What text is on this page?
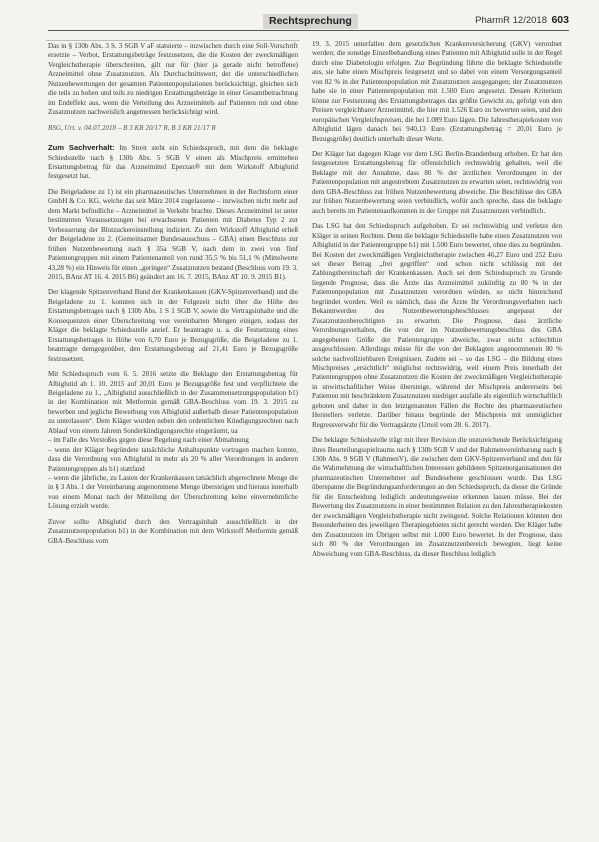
Rechtsprechung	PharmR 12/2018 603

Das in § 130b Abs. 3 S. 3 SGB V aF statuierte – inzwischen durch eine Soll-Vorschrift ersetzte – Verbot, Erstattungsbeträge festzusetzen, die die Kosten der zweckmäßigen Vergleichstherapie überschreiten, gilt nur für (hier ja gerade nicht betroffene) Arzneimittel ohne Zusatznutzen. Als Durchschnittswert, der die unterschiedlichen Nutzenbewertungen der gesamten Patientenpopulationen berücksichtigt, gleichen sich die teils zu hohen und teils zu niedrigen Erstattungsbeträge in einer Gesamtbetrachtung im Endeffekt aus, wenn die Verteilung des Arzneimittels auf Patienten mit und ohne Zusatznutzen nachweislich angemessen berücksichtigt wird.

BSG, Urt. v. 04.07.2018 – B 3 KR 20/17 R, B 3 KR 21/17 R

Zum Sachverhalt: Im Streit steht ein Schiedsspruch, mit dem die beklagte Schiedsstelle nach § 130b Abs. 5 SGB V einen als Mischpreis ermittelten Erstattungsbetrag für das Arzneimittel Eperzan® mit dem Wirkstoff Albiglutid festgesetzt hat.

Die Beigeladene zu 1) ist ein pharmazeutisches Unternehmen in der Rechtsform einer GmbH & Co. KG, welche das seit März 2014 zugelassene – inzwischen nicht mehr auf dem Markt befindliche – Arzneimittel in Verkehr brachte. Dieses Arzneimittel ist unter bestimmten Voraussetzungen bei erwachsenen Patienten mit Diabetes Typ 2 zur Verbesserung der Blutzuckereinstellung indiziert. Zu dem Wirkstoff Albiglutid erließ der Beigeladene zu 2. (Gemeinsamer Bundesausschuss – GBA) einen Beschluss zur frühen Nutzenbewertung nach § 35a SGB V, nach dem in zwei von fünf Patientengruppen mit einem Patientenanteil von rund 35,5 % bis 51,1 % (Mittelwerte 43,28 %) ein Hinweis für einen „geringen“ Zusatznutzen bestand (Beschluss vom 19. 3. 2015, BAnz AT 16. 4. 2015 B6) geändert am 16. 7. 2015, BAnz AT 10. 9. 2015 B1).

Der klagende Spitzenverband Bund der Krankenkassen (GKV-Spitzenverband) und die Beigeladene zu 1. konnten sich in der Folgezeit nicht über die Höhe des Erstattungsbetrages nach § 130b Abs. 1 S 1 SGB V, sowie die Vertragsinhalte und die Konsequenzen einer Überschreitung von vereinbarten Mengen einigen, sodass der Kläger die beklagte Schiedsstelle anrief. Er beantragte u. a. die Festsetzung eines Erstattungsbetrages in Höhe von 6,70 Euro je Bezugsgröße, die Beigeladene zu 1. beantragte demgegenüber, den Erstattungsbetrag auf 21,41 Euro je Bezugsgröße festzusetzen.

Mit Schiedsspruch vom 6. 5. 2016 setzte die Beklagte den Erstattungsbetrag für Albiglutid ab 1. 10. 2015 auf 20,01 Euro je Bezugsgröße fest und verpflichtete die Beigeladene zu 1., „Albiglutid ausschließlich in der Zusammensetzungspopulation b1) in der Kombination mit Metformin gemäß GBA-Beschluss vom 19. 3. 2015 zu bewerben und jegliche Bewerbung von Albiglutid außerhalb dieser Patientenpopulation zu unterlassen“. Dem Kläger wurden neben den ordentlichen Kündigungsrechten nach Ablauf von einem Jahrem Sonderkündigungsrechte eingeräumt, ua

– im Falle des Verstoßes gegen diese Regelung nach einer Abmahnung

– wenn der Kläger begründete tatsächliche Anhaltspunkte vortragen machen konnte, dass die Verordnung von Albiglutid in mehr als 20 % aller Verordnungen in anderen Patientengruppen als b1) stattfand

– wenn die jährliche, zu Lasten der Krankenkassen tatsächlich abgerechnete Menge die in § 3 Abs. 1 der Vereinbarung angenommene Menge übersteigen und hieraus innerhalb von einem Monat nach der Mitteilung der Überschreitung keine einvernehmliche Lösung erzielt werde.

Zuvor sollte Albiglutid durch den Vertragsinhalt ausschließlich in der Zusatznutzenpopulation b1) in der Kombination mit dem Wirkstoff Metformin gemäß GBA-Beschluss vom

19. 3. 2015 unterfallen dem gesetzlichen Krankenversicherung (GKV) verordnet werden; die sonstige Einzelbehandlung eines Patienten mit Albiglutid solle in der Regel durch eine Diabetologin erfolgen. Zur Begründung führte die beklagte Schiedsstelle aus, sie habe einen Mischpreis festgesetzt und so dabei von einem Versorgungsanteil von 82 % in der Patientenpopulation mit Zusatznutzen ausgegangen; der Zusatznutzen habe sie in einer Patientenpopulation mit 1.500 Euro angesetzt. Dessen Kriterium könne zur Festsetzung des Erstattungsbetrages das größte Gewicht zu, gefolgt von den Preisen vergleichbarer Arzneimittel, die hier mit 1.526 Euro zu bewerten seien, und den europäischen Vergleichspreisen, die bei 1.089 Euro lägen. Die Jahrestherapiekosten von Albiglutid lägen danach bei 940,13 Euro (Erstattungsbetrag = 20,01 Euro je Bezugsgröße) deutlich unterhalb dieser Werte.

Der Kläger hat dagegen Klage vor dem LSG Berlin-Brandenburg erhoben. Er hat den festgesetzten Erstattungsbetrag für offensichtlich rechtswidrig gehalten, weil die Beklagte mit der Annahme, dass 80 % der ärztlichen Verordnungen in der Patientenpopulation mit angestrebtem Zusatznutzen zu erwarten seien, rechtswidrig von dem GBA-Beschluss zur frühen Nutzenbewertung abweiche. Die Beschlüsse des GBA zur frühen Nutzenbewertung seien verbindlich, wofür auch spreche, dass die beklagte auch bereits im Patientenaufkommen in der Gruppe mit Zusatznutzen verbindlich.

Das LSG hat den Schiedsspruch aufgehoben. Er sei rechtswidrig und verletze den Kläger in seinen Rechten. Denn die beklagte Schiedsstelle habe einen Zusatznutzen von Albiglutid in der Patientengruppe b1) mit 1.500 Euro bewertet, ohne dies zu begründen. Bei Kosten der zweckmäßigen Vergleichstherapie zwischen 46,27 Euro und 252 Euro sei dieser Betrag „frei gegriffen“ und schon nicht schlüssig mit der Zahlungsbereitschaft der Krankenkassen. Auch sei dem Schiedsspruch zu Grunde liegende Prognose, dass die Ärzte das Arzneimittel zukünftig zu 80 % in der Patientenpopulation mit Zusatznutzen verordnen würden, so nicht hinreichend begründet worden. Weil es nämlich, dass die Ärzte Ihr Verordnungsverhalten nach Bekanntwerden des Nutzenbewertungsbeschlusses angepasst der Zusatznutzenberechtigten zu erwarten. Die Prognose, dass ärztliche Verordnungsverhalten, die von der im Nutzenbewertungsbeschluss des GBA angegebenen Größe der Patientengruppe abweiche, zwar nicht schlechthin ausgeschlossen. Allerdings müsse für die von der Beklagten angenommenen 80 % solche nachvollziehbaren Ereignissen. Zudem sei – so das LSG – die Bildung eines Mischpreises „ersichtlich“ möglichst rechtswidrig, weil einem Preis innerhalb der Patientengruppen ohne Zusatznutzen die Kosten der zweckmäßigen Vergleichstherapie in unwirtschaftlicher Weise übersteige, während der Mischpreis andererseits bei Patienten mit beschränktem Zusatznutzen niedriger ausfalle als eigentlich wirtschaftlich geboten und daher in den letztgenannten Fällen die Rechte des pharmazeutischen Herstellers verletze. Darüber hinaus begründe der Mischpreis mit unmöglicher Regressverwahr für die Vertragsärzte (Urteil vom 28. 6. 2017).

Die beklagte Schiedsstelle trägt mit ihrer Revision die unzureichende Berücksichtigung ihres Beurteilungsspielraums nach § 130b SGB V und der Rahmenvereinbarung nach § 130b Abs. 9 SGB V (RahmenV), die zwischen dem GKV-Spitzenverband und den für die Wahrnehmung der wirtschaftlichen Interessen gebildeten Spitzenorganisationen der pharmazeutischen Unternehmer auf Bundesebene geschlossen wurde. Das LSG überspanne die Begründungsanforderungen an den Schiedsspruch, da dieser die Gründe für die Entscheidung lediglich andeutungsweise erkennen lassen müsse. Bei der Bewertung des Zusatznutzens in einer bestimmten Relation zu den Jahrestherapiekosten der zweckmäßigen Vergleichstherapie nicht zwingend. Solche Relationen könnten den Besonderheiten des jeweiligen Therapiegebietes nicht gerecht werden. Der Kläger habe den Zusatznutzen im Übrigen selbst mit 1.000 Euro bewertet. In der Prognose, dass sich 80 % der Verordnungen im Zusatznutzenbereich bewegten, liegt keine Abweichung vom GBA-Beschluss, da dieser Beschluss lediglich
